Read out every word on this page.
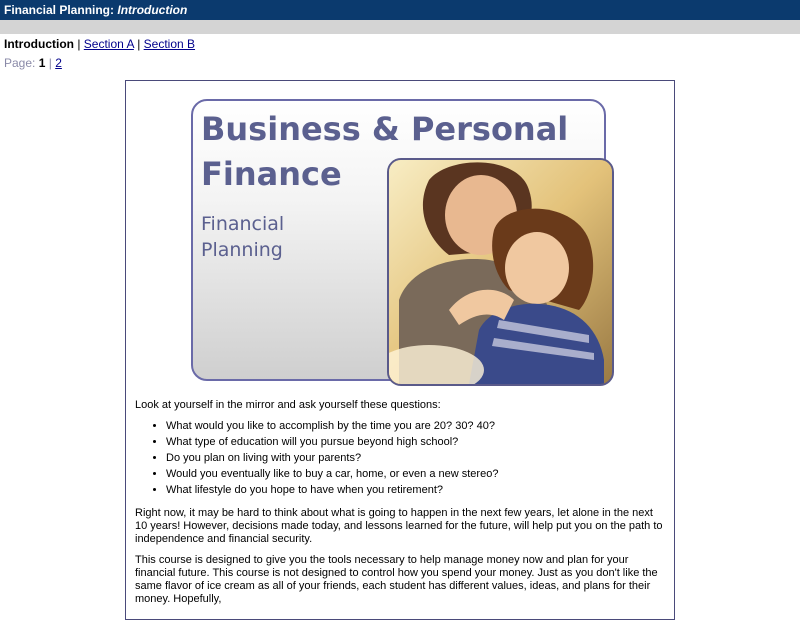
Financial Planning: Introduction
Introduction | Section A | Section B
Page: 1 | 2
Business & Personal
Finance
Financial
Planning

Look at yourself in the mirror and ask yourself these questions:

• What would you like to accomplish by the time you are 20? 30? 40?
• What type of education will you pursue beyond high school?
• Do you plan on living with your parents?
• Would you eventually like to buy a car, home, or even a new stereo?
• What lifestyle do you hope to have when you retirement?

Right now, it may be hard to think about what is going to happen in the next few years, let alone in the next 10 years! However, decisions made today, and lessons learned for the future, will help put you on the path to independence and financial security.

This course is designed to give you the tools necessary to help manage money now and plan for your financial future. This course is not designed to control how you spend your money. Just as you don't like the same flavor of ice cream as all of your friends, each student has different values, ideas, and plans for their money. Hopefully,
